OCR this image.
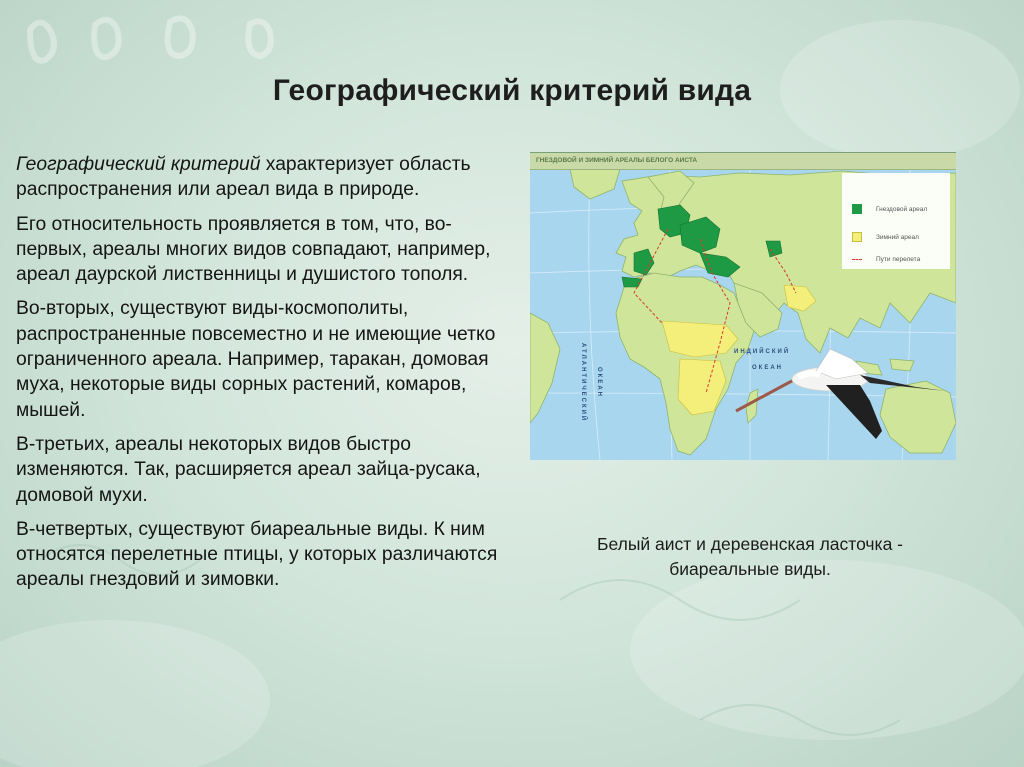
Географический критерий вида

Географический критерий характеризует область распространения или ареал вида в природе.

Его относительность проявляется в том, что, во-первых, ареалы многих видов совпадают, например, ареал даурской лиственницы и душистого тополя.

Во-вторых, существуют виды-космополиты, распространенные повсеместно и не имеющие четко ограниченного ареала. Например, таракан, домовая муха, некоторые виды сорных растений, комаров, мышей.

В-третьих, ареалы некоторых видов быстро изменяются. Так, расширяется ареал зайца-русака, домовой мухи.

В-четвертых, существуют биареальные виды. К ним относятся перелетные птицы, у которых различаются ареалы гнездовий и зимовки.

ГНЕЗДОВОЙ И ЗИМНИЙ АРЕАЛЫ БЕЛОГО АИСТА
Гнездовой ареал
Зимний ареал
Пути перелета
ИНДИЙСКИЙ
ОКЕАН
АТЛАНТИЧЕСКИЙ ОКЕАН

Белый аист и деревенская ласточка - биареальные виды.
